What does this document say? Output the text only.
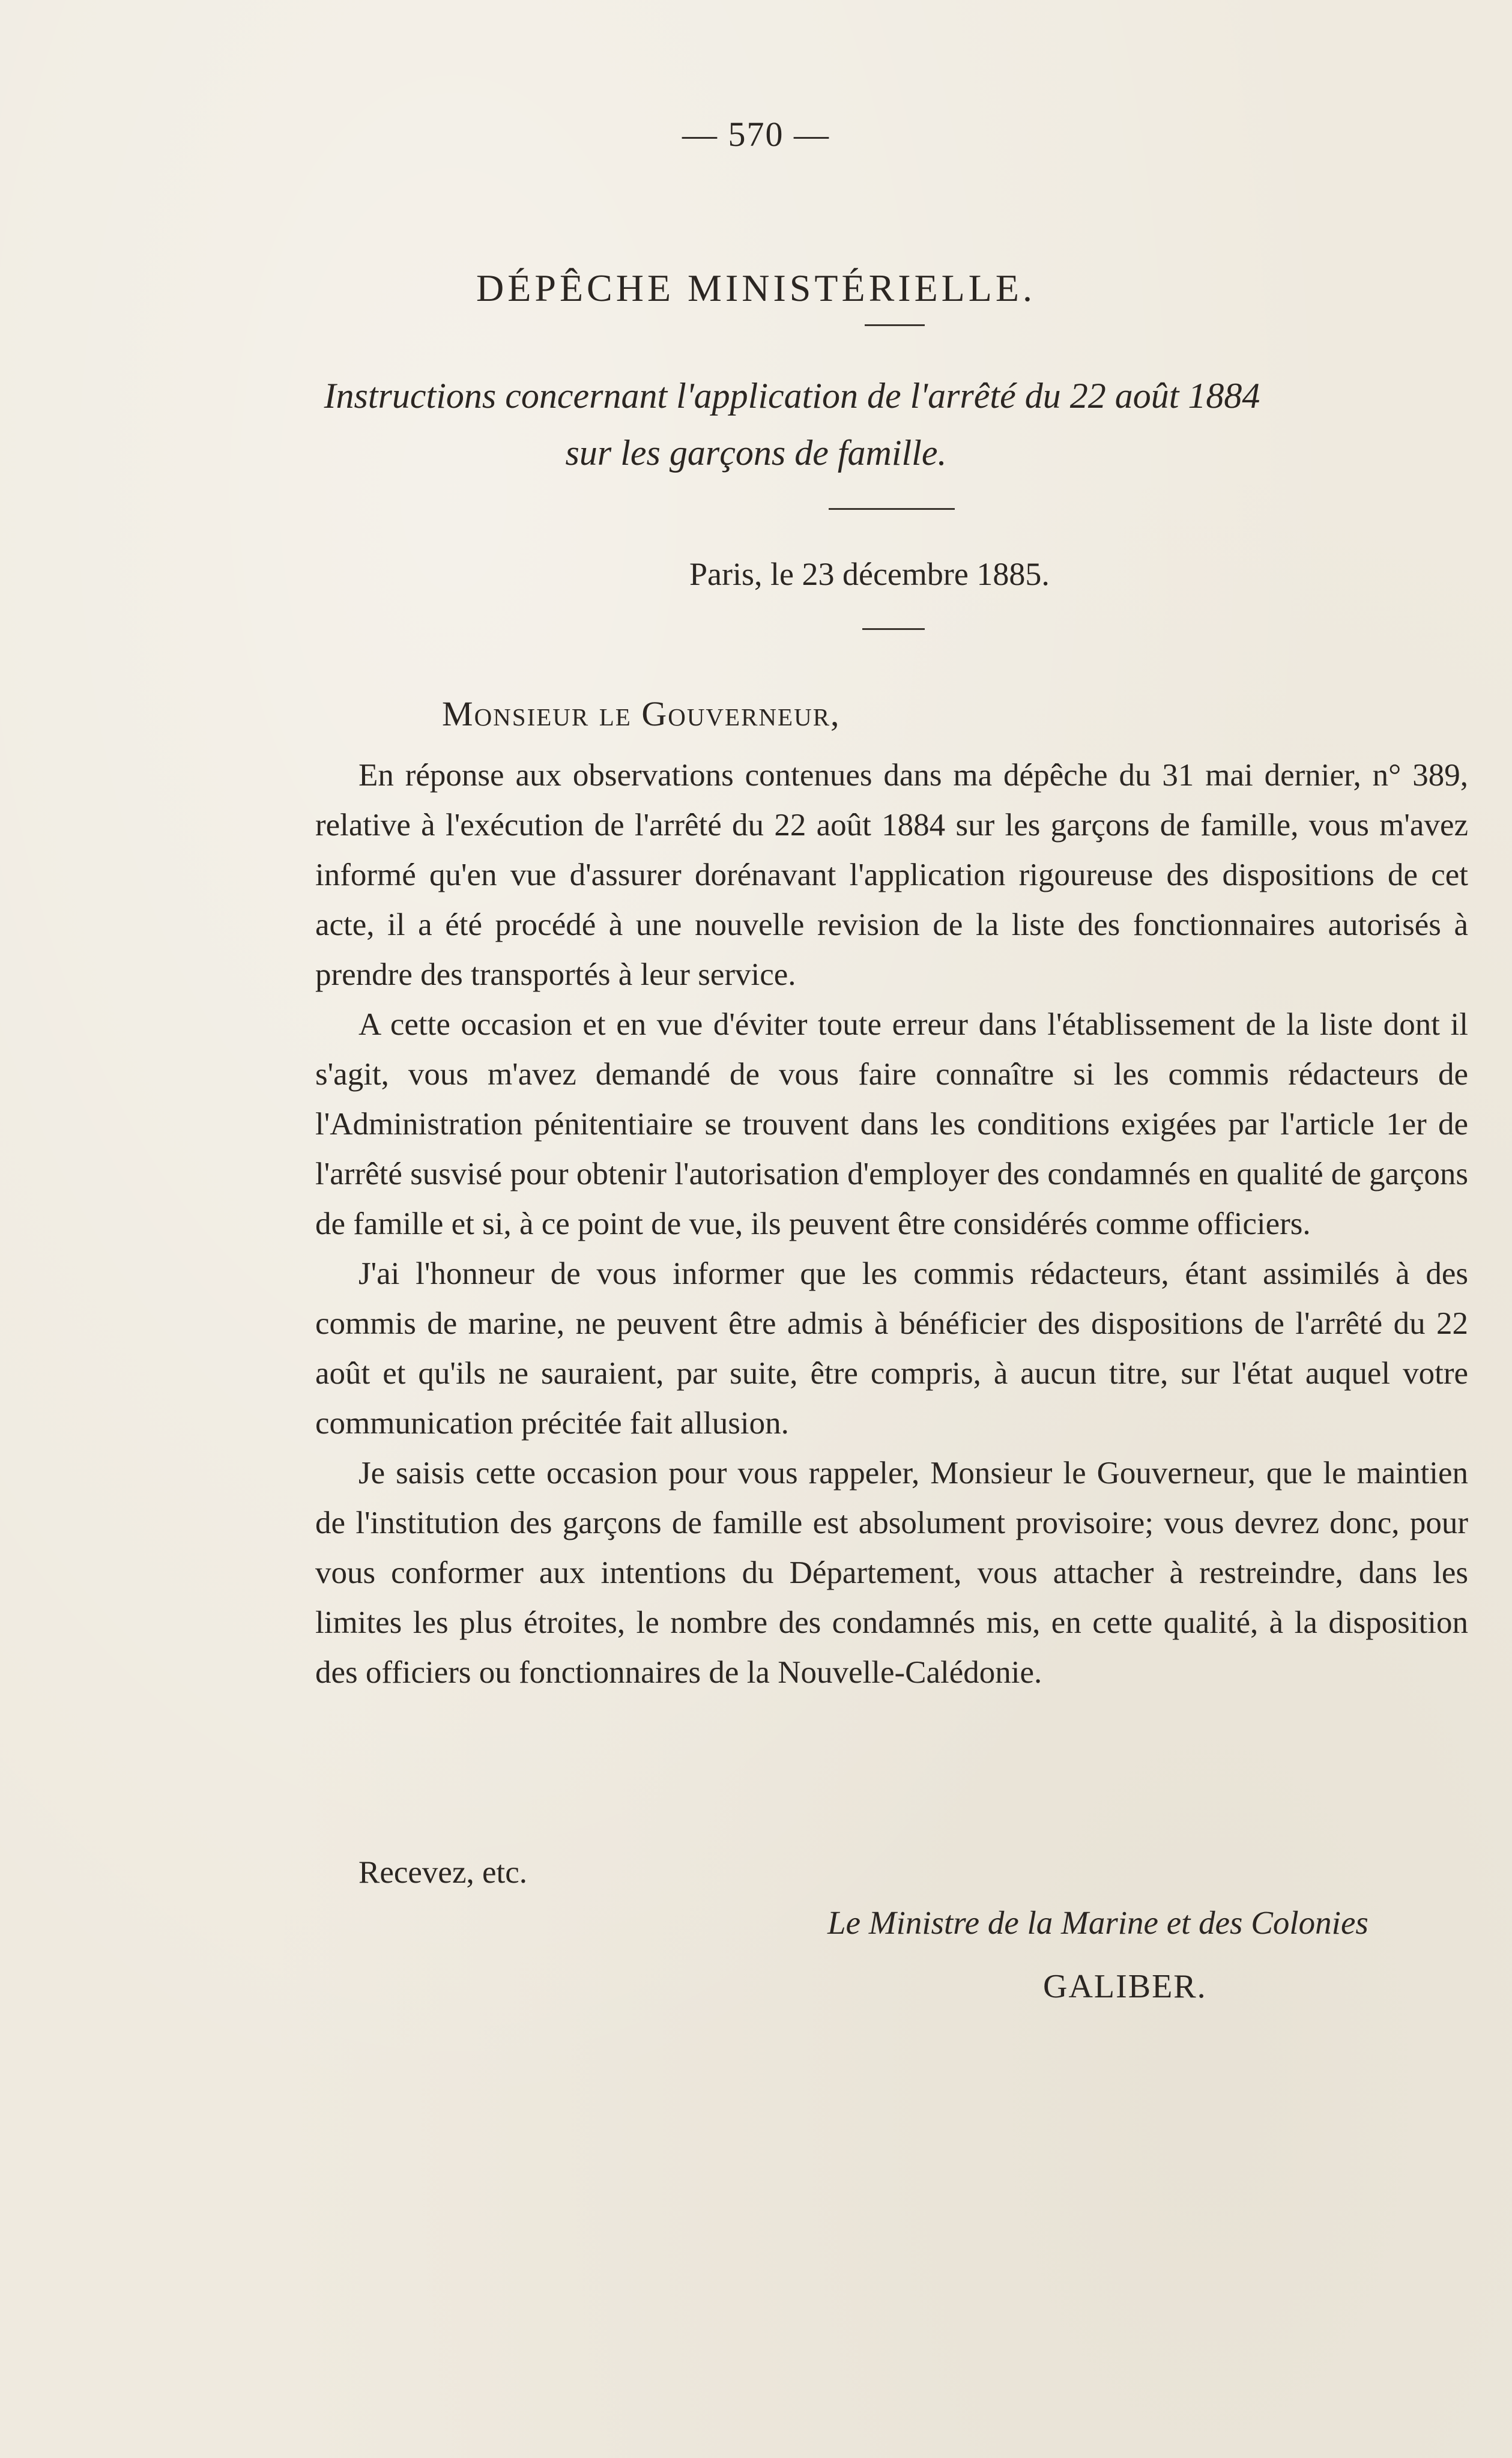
— 570 —
DÉPÊCHE MINISTÉRIELLE.
Instructions concernant l'application de l'arrêté du 22 août 1884
sur les garçons de famille.
Paris, le 23 décembre 1885.
Monsieur le Gouverneur,

En réponse aux observations contenues dans ma dépêche du 31 mai dernier, n° 389, relative à l'exécution de l'arrêté du 22 août 1884 sur les garçons de famille, vous m'avez informé qu'en vue d'assurer dorénavant l'application rigoureuse des dispositions de cet acte, il a été procédé à une nouvelle revision de la liste des fonctionnaires autorisés à prendre des transportés à leur service.

A cette occasion et en vue d'éviter toute erreur dans l'établissement de la liste dont il s'agit, vous m'avez demandé de vous faire connaître si les commis rédacteurs de l'Administration pénitentiaire se trouvent dans les conditions exigées par l'article 1er de l'arrêté susvisé pour obtenir l'autorisation d'employer des condamnés en qualité de garçons de famille et si, à ce point de vue, ils peuvent être considérés comme officiers.

J'ai l'honneur de vous informer que les commis rédacteurs, étant assimilés à des commis de marine, ne peuvent être admis à bénéficier des dispositions de l'arrêté du 22 août et qu'ils ne sauraient, par suite, être compris, à aucun titre, sur l'état auquel votre communication précitée fait allusion.

Je saisis cette occasion pour vous rappeler, Monsieur le Gouverneur, que le maintien de l'institution des garçons de famille est absolument provisoire; vous devrez donc, pour vous conformer aux intentions du Département, vous attacher à restreindre, dans les limites les plus étroites, le nombre des condamnés mis, en cette qualité, à la disposition des officiers ou fonctionnaires de la Nouvelle-Calédonie.

Recevez, etc.
Le Ministre de la Marine et des Colonies
GALIBER.
